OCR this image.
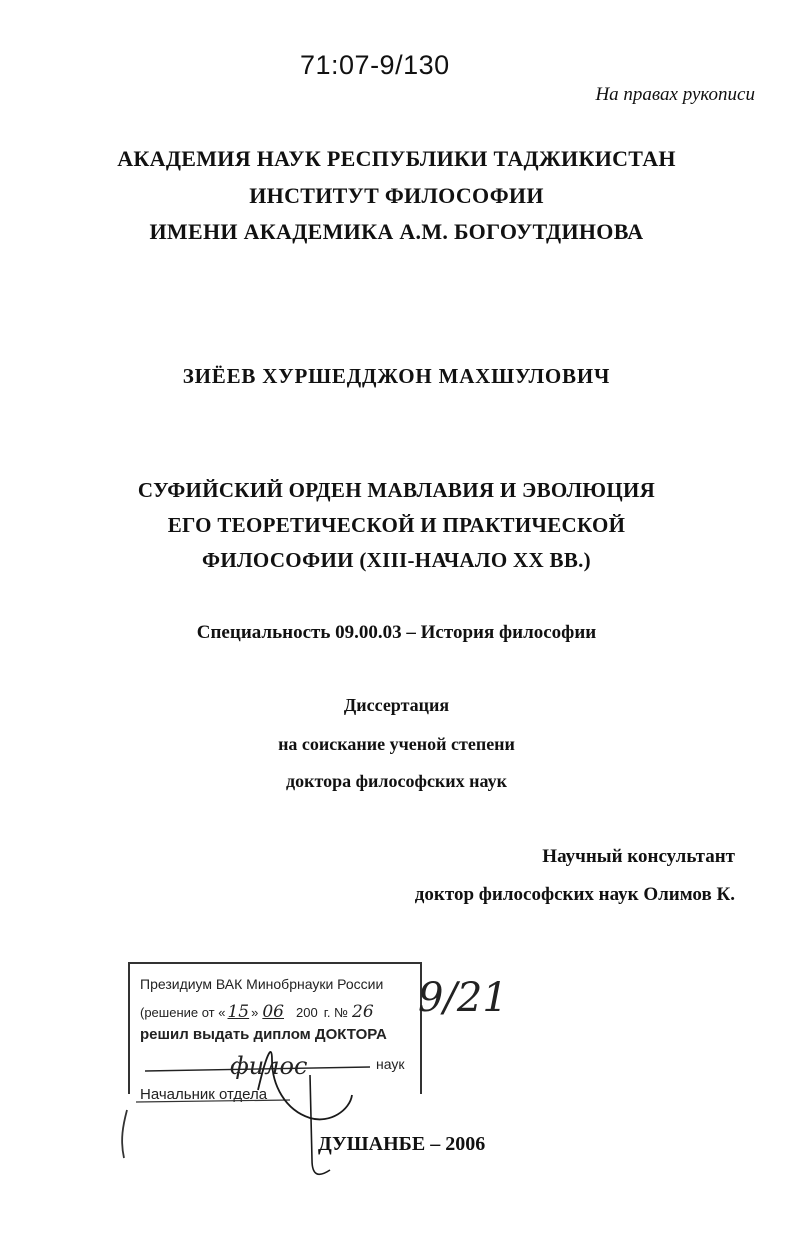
71:07-9/130
На правах рукописи
АКАДЕМИЯ НАУК РЕСПУБЛИКИ ТАДЖИКИСТАН
ИНСТИТУТ ФИЛОСОФИИ
ИМЕНИ АКАДЕМИКА А.М. БОГОУТДИНОВА
ЗИЁЕВ ХУРШЕДДЖОН МАХШУЛОВИЧ
СУФИЙСКИЙ ОРДЕН МАВЛАВИЯ И ЭВОЛЮЦИЯ
ЕГО ТЕОРЕТИЧЕСКОЙ И ПРАКТИЧЕСКОЙ
ФИЛОСОФИИ (XIII-НАЧАЛО XX ВВ.)
Специальность 09.00.03 – История философии
Диссертация
на соискание ученой степени
доктора философских наук
Научный консультант
доктор философских наук Олимов К.
Президиум ВАК Минобрнауки России
(решение от « 15 » 06 200 г. № 26
решил выдать диплом ДОКТОРА
филос	наук
Начальник отдела
9/21
ДУШАНБЕ – 2006
